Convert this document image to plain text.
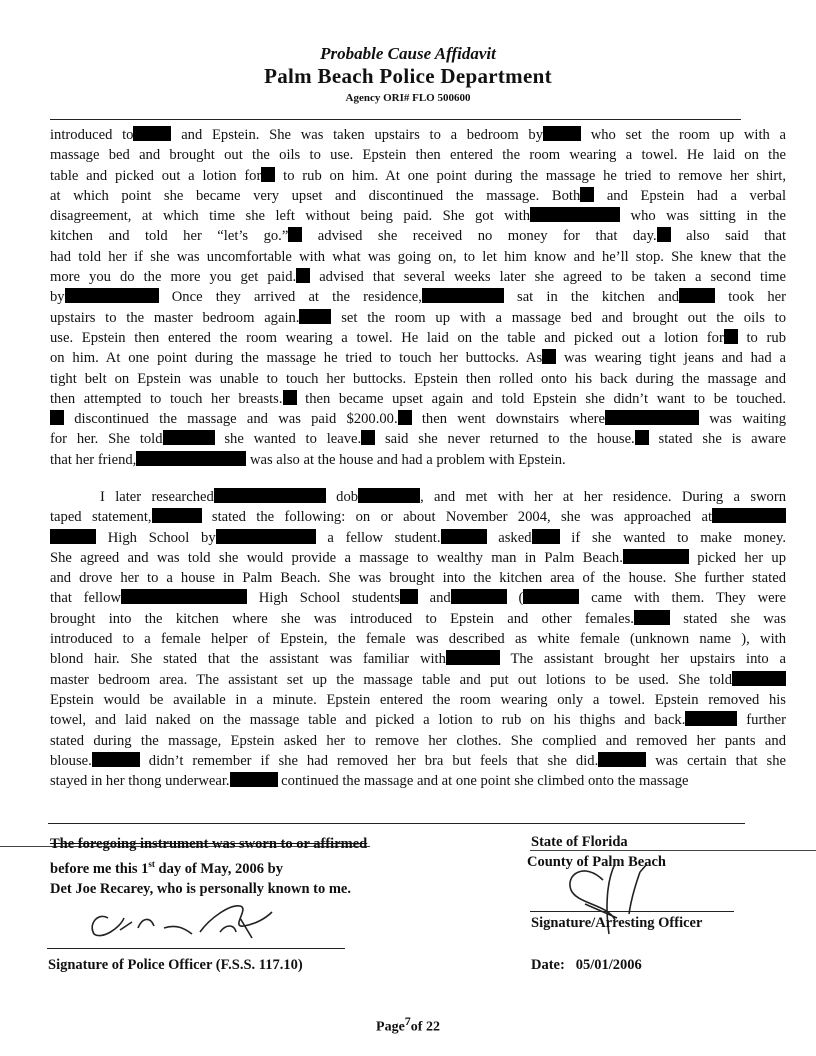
Probable Cause Affidavit
Palm Beach Police Department
Agency ORI# FLO 500600

introduced to	and Epstein. She was taken upstairs to a bedroom by	who set the room up with a
massage bed and brought out the oils to use. Epstein then entered the room wearing a towel. He laid on the
table and picked out a lotion for to rub on him. At one point during the massage he tried to remove her shirt,
at which point she became very upset and discontinued the massage. Both and Epstein had a verbal
disagreement, at which time she left without being paid. She got with	who was sitting in the
kitchen and told her “let’s go.” advised she received no money for that day. also said that
had told her if she was uncomfortable with what was going on, to let him know and he’ll stop. She knew that the
more you do the more you get paid. advised that several weeks later she agreed to be taken a second time
by	Once they arrived at the residence,	sat in the kitchen and took her
upstairs to the master bedroom again. set the room up with a massage bed and brought out the oils to
use. Epstein then entered the room wearing a towel. He laid on the table and picked out a lotion for to rub
on him. At one point during the massage he tried to touch her buttocks. As was wearing tight jeans and had a
tight belt on Epstein was unable to touch her buttocks. Epstein then rolled onto his back during the massage and
then attempted to touch her breasts. then became upset again and told Epstein she didn’t want to be touched.
discontinued the massage and was paid $200.00. then went downstairs where	was waiting
for her. She told	she wanted to leave. said she never returned to the house. stated she is aware
that her friend,	was also at the house and had a problem with Epstein.

I later researched	dob	, and met with her at her residence. During a sworn
taped statement,	stated the following: on or about November 2004, she was approached at
High School by	a fellow student.	asked if she wanted to make money.
She agreed and was told she would provide a massage to wealthy man in Palm Beach.	picked her up
and drove her to a house in Palm Beach. She was brought into the kitchen area of the house. She further stated
that fellow	High School students and	(	came with them. They were
brought into the kitchen where she was introduced to Epstein and other females. stated she was
introduced to a female helper of Epstein, the female was described as white female (unknown name ), with
blond hair. She stated that the assistant was familiar with	The assistant brought her upstairs into a
master bedroom area. The assistant set up the massage table and put out lotions to be used. She told
Epstein would be available in a minute. Epstein entered the room wearing only a towel. Epstein removed his
towel, and laid naked on the massage table and picked a lotion to rub on his thighs and back.	further
stated during the massage, Epstein asked her to remove her clothes. She complied and removed her pants and
blouse.	didn’t remember if she had removed her bra but feels that she did.	was certain that she
stayed in her thong underwear.	continued the massage and at one point she climbed onto the massage

The foregoing instrument was sworn to or affirmed
before me this 1st day of May, 2006 by
Det Joe Recarey, who is personally known to me.
Signature of Police Officer (F.S.S. 117.10)
State of Florida
County of Palm Beach
Signature/Arresting Officer
Date: 05/01/2006
Page$^7$of 22
